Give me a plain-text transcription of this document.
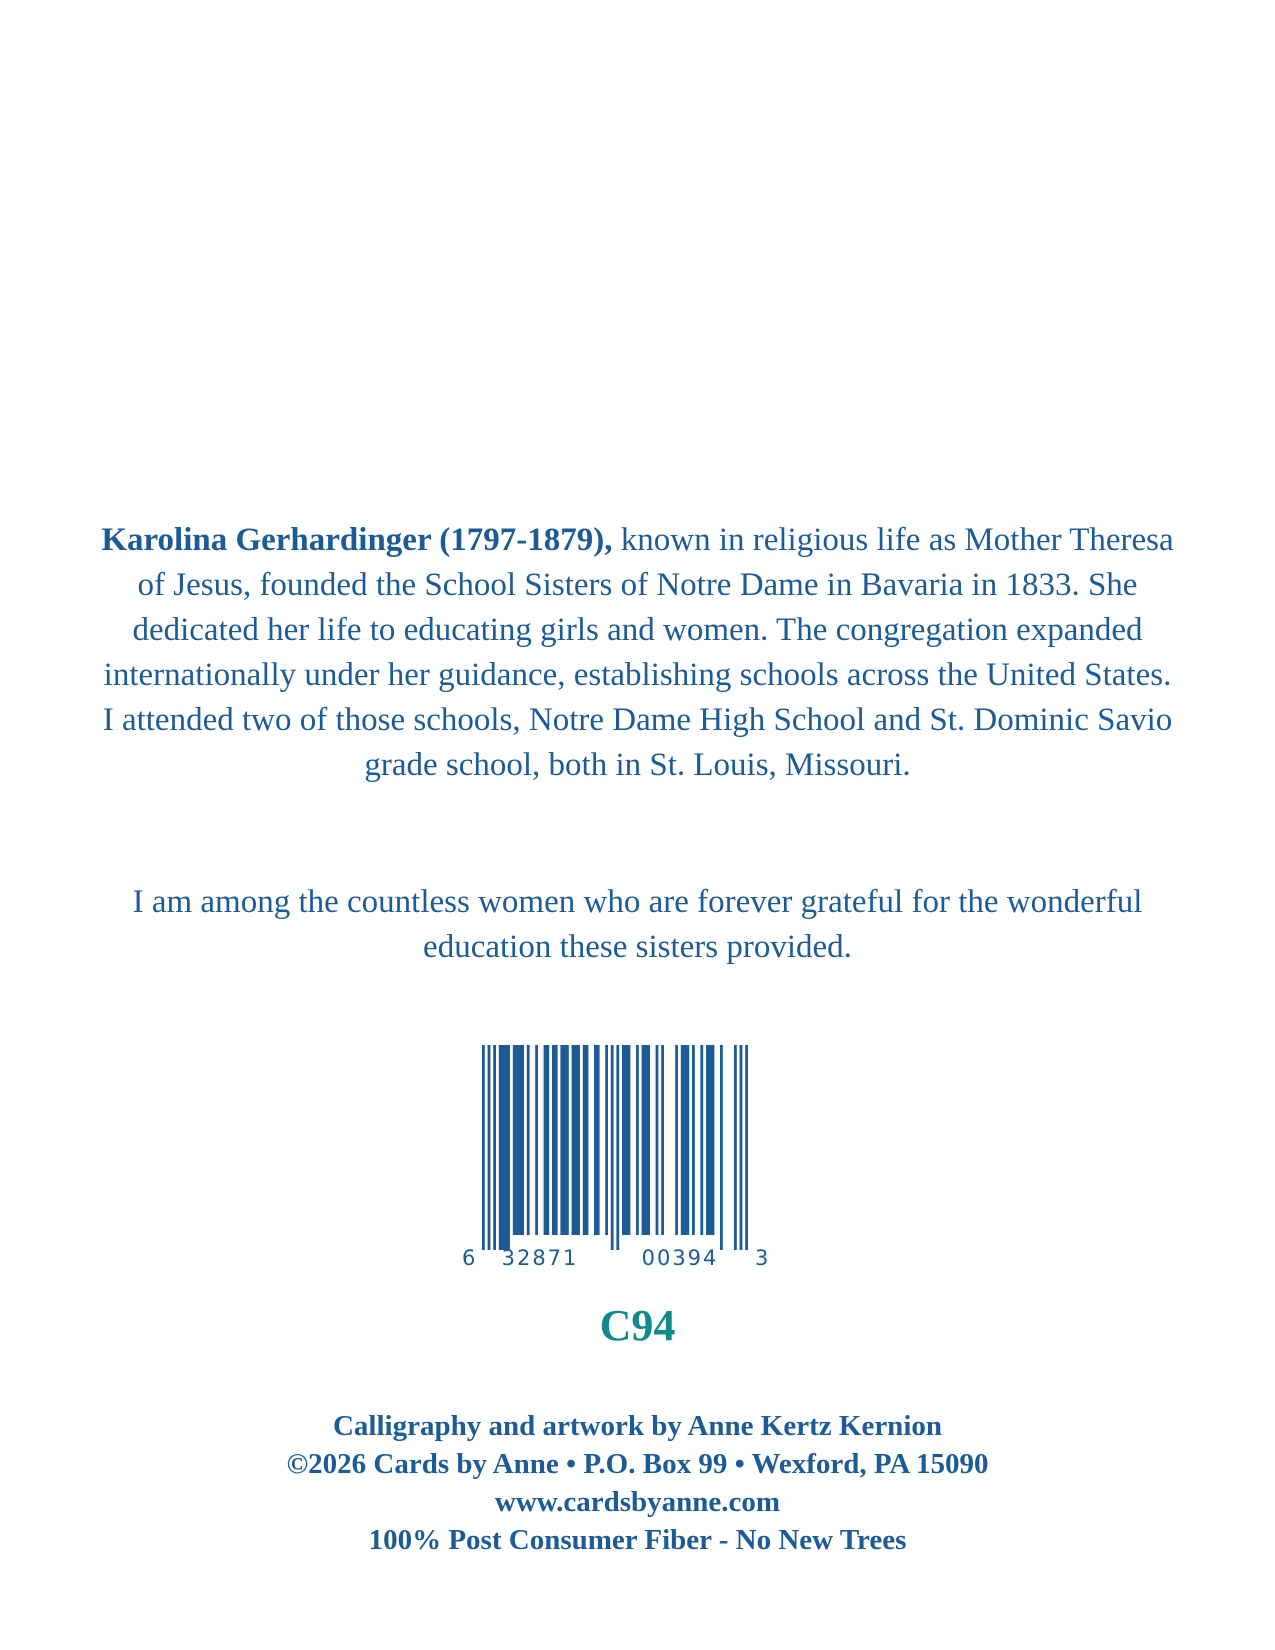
Karolina Gerhardinger (1797-1879), known in religious life as Mother Theresa of Jesus, founded the School Sisters of Notre Dame in Bavaria in 1833. She dedicated her life to educating girls and women. The congregation expanded internationally under her guidance, establishing schools across the United States. I attended two of those schools, Notre Dame High School and St. Dominic Savio grade school, both in St. Louis, Missouri.

I am among the countless women who are forever grateful for the wonderful education these sisters provided.

6 32871	00394 3

C94

Calligraphy and artwork by Anne Kertz Kernion
©2026 Cards by Anne • P.O. Box 99 • Wexford, PA 15090
www.cardsbyanne.com
100% Post Consumer Fiber - No New Trees
